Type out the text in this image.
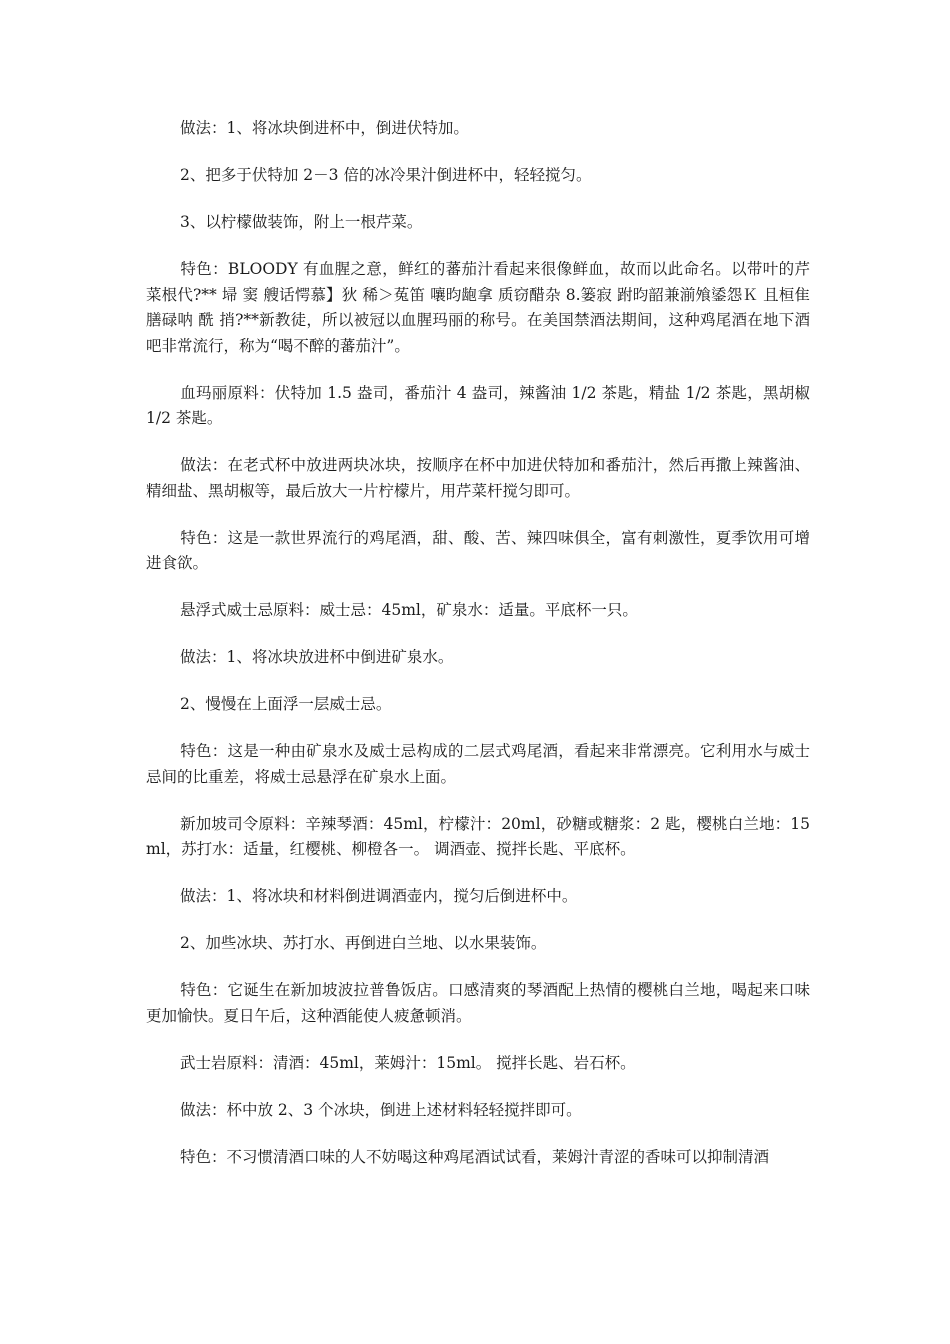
做法：1、将冰块倒进杯中，倒进伏特加。

2、把多于伏特加 2－3 倍的冰冷果汁倒进杯中，轻轻搅匀。

3、以柠檬做装饰，附上一根芹菜。

特色：BLOODY 有血腥之意，鲜红的蕃茄汁看起来很像鲜血，故而以此命名。以带叶的芹菜根代?** 埽 窦 艘话愕慕】狄 稀＞菟笛 嚷昀龅拿 质窃醋杂 8.篓寂 跗昀韶兼湔飧鋈怨Ｋ 且桓隹膳碌呐 酰 捎?**新教徒，所以被冠以血腥玛丽的称号。在美国禁酒法期间，这种鸡尾酒在地下酒吧非常流行，称为“喝不醉的蕃茄汁”。

血玛丽原料：伏特加 1.5 盎司，番茄汁 4 盎司，辣酱油 1/2 茶匙，精盐 1/2 茶匙，黑胡椒 1/2 茶匙。

做法：在老式杯中放进两块冰块，按顺序在杯中加进伏特加和番茄汁，然后再撒上辣酱油、精细盐、黑胡椒等，最后放大一片柠檬片，用芹菜杆搅匀即可。

特色：这是一款世界流行的鸡尾酒，甜、酸、苦、辣四味俱全，富有刺激性，夏季饮用可增进食欲。

悬浮式威士忌原料：威士忌：45ml，矿泉水：适量。平底杯一只。

做法：1、将冰块放进杯中倒进矿泉水。

2、慢慢在上面浮一层威士忌。

特色：这是一种由矿泉水及威士忌构成的二层式鸡尾酒，看起来非常漂亮。它利用水与威士忌间的比重差，将威士忌悬浮在矿泉水上面。

新加坡司令原料：辛辣琴酒：45ml，柠檬汁：20ml，砂糖或糖浆：2 匙，樱桃白兰地：15ml，苏打水：适量，红樱桃、柳橙各一。 调酒壶、搅拌长匙、平底杯。

做法：1、将冰块和材料倒进调酒壶内，搅匀后倒进杯中。

2、加些冰块、苏打水、再倒进白兰地、以水果装饰。

特色：它诞生在新加坡波拉普鲁饭店。口感清爽的琴酒配上热情的樱桃白兰地，喝起来口味更加愉快。夏日午后，这种酒能使人疲惫顿消。

武士岩原料：清酒：45ml，莱姆汁：15ml。 搅拌长匙、岩石杯。

做法：杯中放 2、3 个冰块，倒进上述材料轻轻搅拌即可。

特色：不习惯清酒口味的人不妨喝这种鸡尾酒试试看，莱姆汁青涩的香味可以抑制清酒
